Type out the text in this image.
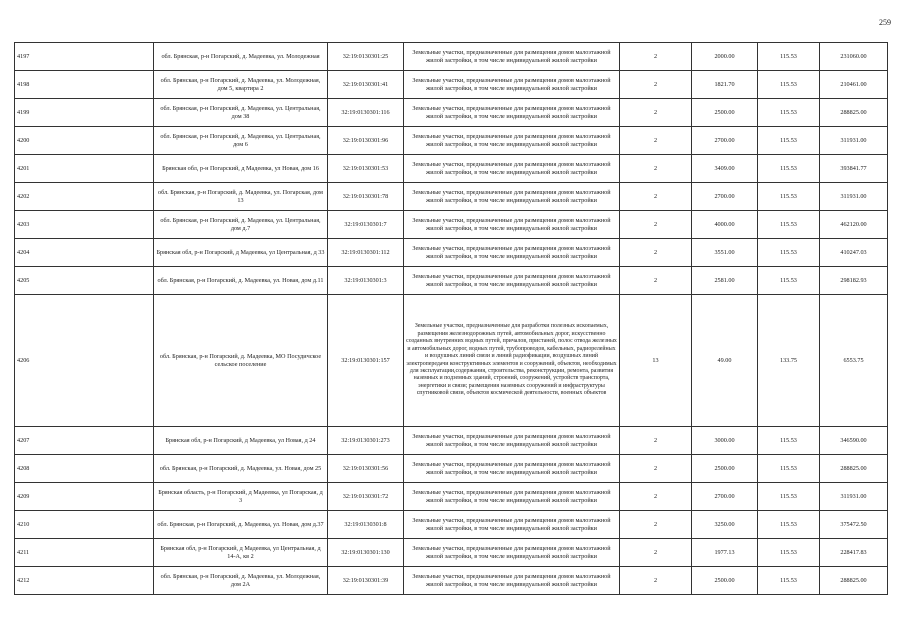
259
4197	обл. Брянская, р-н Погарский, д. Мадеевка, ул. Молодежная	32:19:0130301:25	Земельные участки, предназначенные для размещения домов малоэтажной жилой застройки, в том числе индивидуальной жилой застройки	2	2000.00	115.53	231060.00
4198	обл. Брянская, р-н Погарский, д. Мадеевка, ул. Молодежная, дом 5, квартира 2	32:19:0130301:41	Земельные участки, предназначенные для размещения домов малоэтажной жилой застройки, в том числе индивидуальной жилой застройки	2	1821.70	115.53	210461.00
4199	обл. Брянская, р-н Погарский, д. Мадеевка, ул. Центральная, дом 38	32:19:0130301:116	Земельные участки, предназначенные для размещения домов малоэтажной жилой застройки, в том числе индивидуальной жилой застройки	2	2500.00	115.53	288825.00
4200	обл. Брянская, р-н Погарский, д. Мадеевка, ул. Центральная, дом 6	32:19:0130301:96	Земельные участки, предназначенные для размещения домов малоэтажной жилой застройки, в том числе индивидуальной жилой застройки	2	2700.00	115.53	311931.00
4201	Брянская обл, р-н Погарский, д Мадеевка, ул Новая, дом 16	32:19:0130301:53	Земельные участки, предназначенные для размещения домов малоэтажной жилой застройки, в том числе индивидуальной жилой застройки	2	3409.00	115.53	393841.77
4202	обл. Брянская, р-н Погарский, д. Мадеевка, ул. Погарская, дом 13	32:19:0130301:78	Земельные участки, предназначенные для размещения домов малоэтажной жилой застройки, в том числе индивидуальной жилой застройки	2	2700.00	115.53	311931.00
4203	обл. Брянская, р-н Погарский, д. Мадеевка, ул. Центральная, дом д.7	32:19:0130301:7	Земельные участки, предназначенные для размещения домов малоэтажной жилой застройки, в том числе индивидуальной жилой застройки	2	4000.00	115.53	462120.00
4204	Брянская обл, р-н Погарский, д Мадеевка, ул Центральная, д 33	32:19:0130301:112	Земельные участки, предназначенные для размещения домов малоэтажной жилой застройки, в том числе индивидуальной жилой застройки	2	3551.00	115.53	410247.03
4205	обл. Брянская, р-н Погарский, д. Мадеевка, ул. Новая, дом д.11	32:19:0130301:3	Земельные участки, предназначенные для размещения домов малоэтажной жилой застройки, в том числе индивидуальной жилой застройки	2	2581.00	115.53	298182.93
4206	обл. Брянская, р-н Погарский, д. Мадеевка, МО Посудичское сельское поселение	32:19:0130301:157	Земельные участки, предназначенные для разработки полезных ископаемых, размещения железнодорожных путей, автомобильных дорог, искусственно созданных внутренних водных путей, причалов, пристаней, полос отвода железных и автомобильных дорог, водных путей, трубопроводов, кабельных, радиорелейных и воздушных линий связи и линий радиофикации, воздушных линий электропередачи конструктивных элементов и сооружений, объектов, необходимых для эксплуатации,содержания, строительства, реконструкции, ремонта, развития наземных и подземных зданий, строений, сооружений, устройств транспорта, энергетики и связи; размещения наземных сооружений и инфраструктуры спутниковой связи, объектов космической деятельности, военных объектов	13	49.00	133.75	6553.75
4207	Брянская обл, р-н Погарский, д Мадеевка, ул Новая, д 24	32:19:0130301:273	Земельные участки, предназначенные для размещения домов малоэтажной жилой застройки, в том числе индивидуальной жилой застройки	2	3000.00	115.53	346590.00
4208	обл. Брянская, р-н Погарский, д. Мадеевка, ул. Новая, дом 25	32:19:0130301:56	Земельные участки, предназначенные для размещения домов малоэтажной жилой застройки, в том числе индивидуальной жилой застройки	2	2500.00	115.53	288825.00
4209	Брянская область, р-н Погарский, д Мадеевка, ул Погарская, д 3	32:19:0130301:72	Земельные участки, предназначенные для размещения домов малоэтажной жилой застройки, в том числе индивидуальной жилой застройки	2	2700.00	115.53	311931.00
4210	обл. Брянская, р-н Погарский, д. Мадеевка, ул. Новая, дом д.37	32:19:0130301:8	Земельные участки, предназначенные для размещения домов малоэтажной жилой застройки, в том числе индивидуальной жилой застройки	2	3250.00	115.53	375472.50
4211	Брянская обл, р-н Погарский, д Мадеевка, ул Центральная, д 14-А, кв 2	32:19:0130301:130	Земельные участки, предназначенные для размещения домов малоэтажной жилой застройки, в том числе индивидуальной жилой застройки	2	1977.13	115.53	228417.83
4212	обл. Брянская, р-н Погарский, д. Мадеевка, ул. Молодежная, дом 2А	32:19:0130301:39	Земельные участки, предназначенные для размещения домов малоэтажной жилой застройки, в том числе индивидуальной жилой застройки	2	2500.00	115.53	288825.00
